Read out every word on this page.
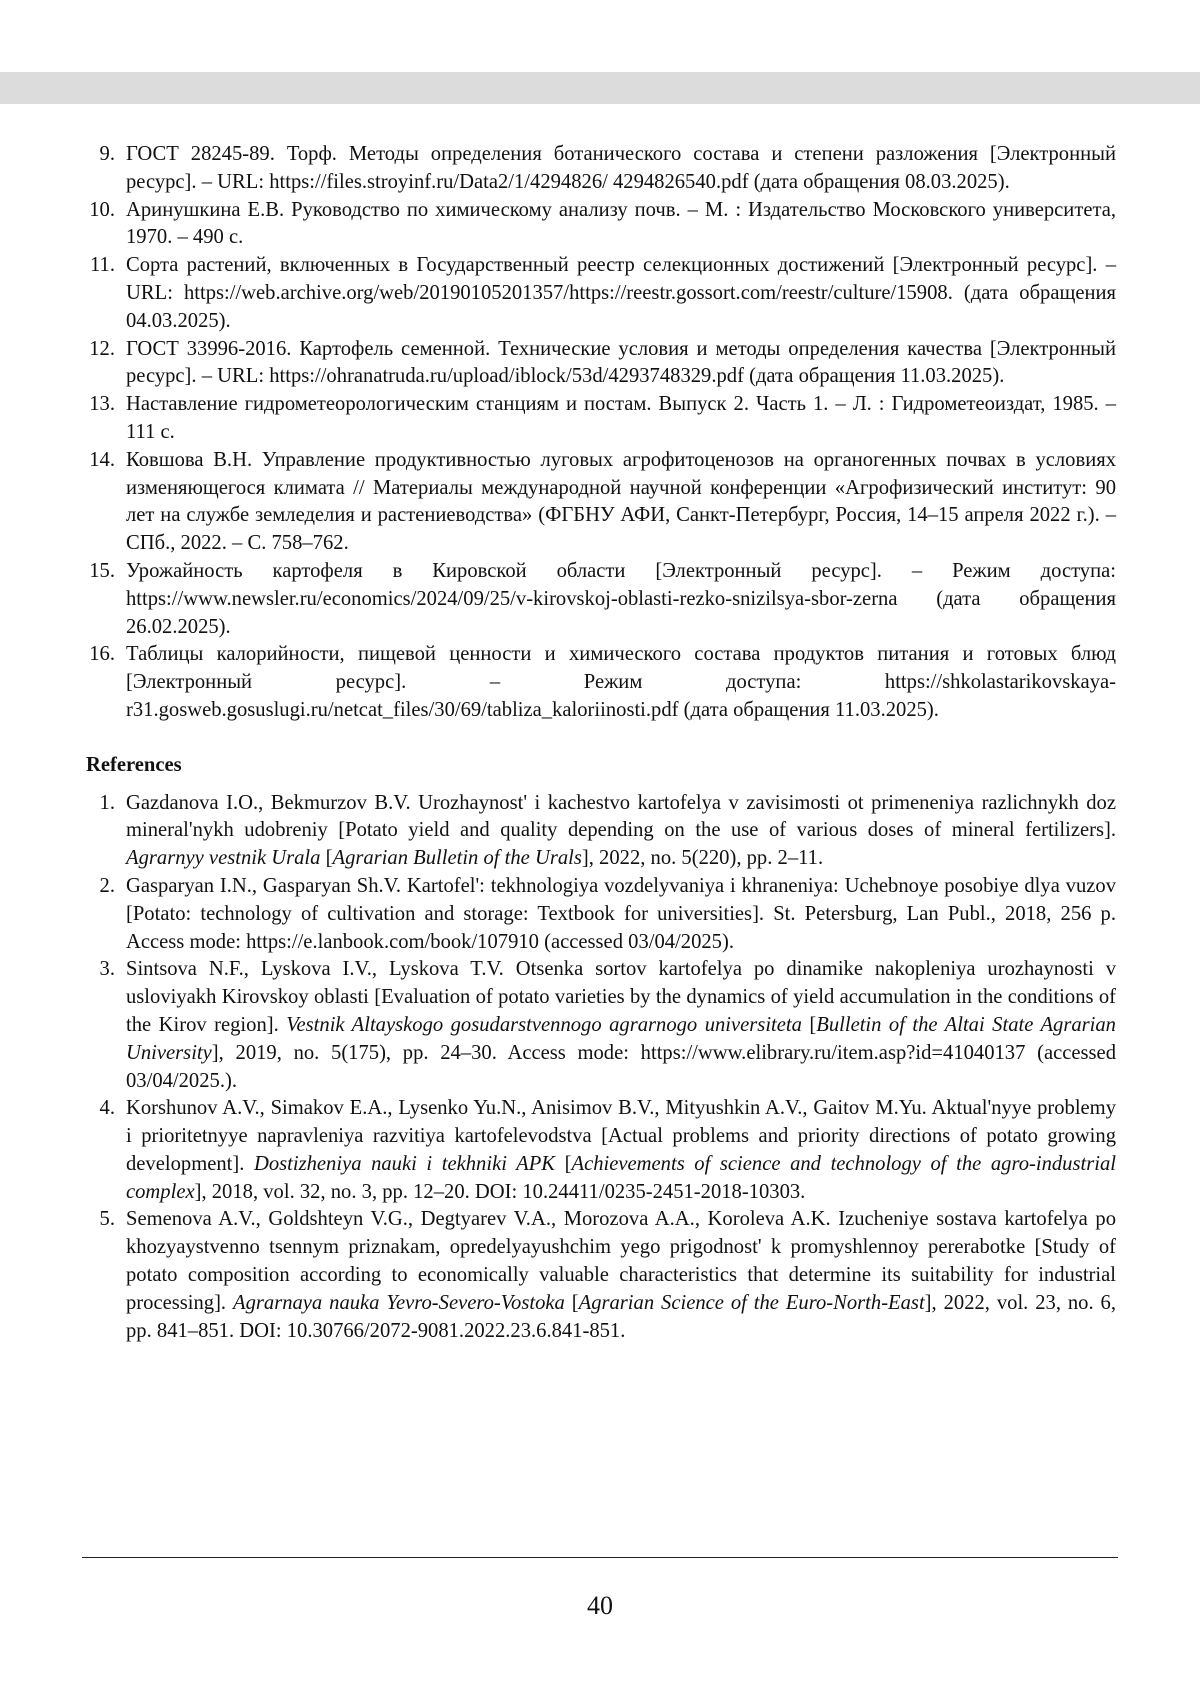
9. ГОСТ 28245-89. Торф. Методы определения ботанического состава и степени разложения [Электронный ресурс]. – URL: https://files.stroyinf.ru/Data2/1/4294826/ 4294826540.pdf (дата обращения 08.03.2025).
10. Аринушкина Е.В. Руководство по химическому анализу почв. – М. : Издательство Московского университета, 1970. – 490 с.
11. Сорта растений, включенных в Государственный реестр селекционных достижений [Электронный ресурс]. – URL: https://web.archive.org/web/20190105201357/https://reestr.gossort.com/reestr/culture/15908. (дата обращения 04.03.2025).
12. ГОСТ 33996-2016. Картофель семенной. Технические условия и методы определения качества [Электронный ресурс]. – URL: https://ohranatruda.ru/upload/iblock/53d/4293748329.pdf (дата обращения 11.03.2025).
13. Наставление гидрометеорологическим станциям и постам. Выпуск 2. Часть 1. – Л. : Гидрометеоиздат, 1985. – 111 с.
14. Ковшова В.Н. Управление продуктивностью луговых агрофитоценозов на органогенных почвах в условиях изменяющегося климата // Материалы международной научной конференции «Агрофизический институт: 90 лет на службе земледелия и растениеводства» (ФГБНУ АФИ, Санкт-Петербург, Россия, 14–15 апреля 2022 г.). – СПб., 2022. – С. 758–762.
15. Урожайность картофеля в Кировской области [Электронный ресурс]. – Режим доступа: https://www.newsler.ru/economics/2024/09/25/v-kirovskoj-oblasti-rezko-snizilsya-sbor-zerna (дата обращения 26.02.2025).
16. Таблицы калорийности, пищевой ценности и химического состава продуктов питания и готовых блюд [Электронный ресурс]. – Режим доступа: https://shkolastarikovskaya-r31.gosweb.gosuslugi.ru/netcat_files/30/69/tabliza_kaloriinosti.pdf (дата обращения 11.03.2025).
References
1. Gazdanova I.O., Bekmurzov B.V. Urozhaynost' i kachestvo kartofelya v zavisimosti ot primeneniya razlichnykh doz mineral'nykh udobreniy [Potato yield and quality depending on the use of various doses of mineral fertilizers]. Agrarnyy vestnik Urala [Agrarian Bulletin of the Urals], 2022, no. 5(220), pp. 2–11.
2. Gasparyan I.N., Gasparyan Sh.V. Kartofel': tekhnologiya vozdelyvaniya i khraneniya: Uchebnoye posobiye dlya vuzov [Potato: technology of cultivation and storage: Textbook for universities]. St. Petersburg, Lan Publ., 2018, 256 p. Access mode: https://e.lanbook.com/book/107910 (accessed 03/04/2025).
3. Sintsova N.F., Lyskova I.V., Lyskova T.V. Otsenka sortov kartofelya po dinamike nakopleniya urozhaynosti v usloviyakh Kirovskoy oblasti [Evaluation of potato varieties by the dynamics of yield accumulation in the conditions of the Kirov region]. Vestnik Altayskogo gosudarstvennogo agrarnogo universiteta [Bulletin of the Altai State Agrarian University], 2019, no. 5(175), pp. 24–30. Access mode: https://www.elibrary.ru/item.asp?id=41040137 (accessed 03/04/2025.).
4. Korshunov A.V., Simakov E.A., Lysenko Yu.N., Anisimov B.V., Mityushkin A.V., Gaitov M.Yu. Aktual'nyye problemy i prioritetnyye napravleniya razvitiya kartofelevodstva [Actual problems and priority directions of potato growing development]. Dostizheniya nauki i tekhniki APK [Achievements of science and technology of the agro-industrial complex], 2018, vol. 32, no. 3, pp. 12–20. DOI: 10.24411/0235-2451-2018-10303.
5. Semenova A.V., Goldshteyn V.G., Degtyarev V.A., Morozova A.A., Koroleva A.K. Izucheniye sostava kartofelya po khozyaystvenno tsennym priznakam, opredelyayushchim yego prigodnost' k promyshlennoy pererabotke [Study of potato composition according to economically valuable characteristics that determine its suitability for industrial processing]. Agrarnaya nauka Yevro-Severo-Vostoka [Agrarian Science of the Euro-North-East], 2022, vol. 23, no. 6, pp. 841–851. DOI: 10.30766/2072-9081.2022.23.6.841-851.
40
